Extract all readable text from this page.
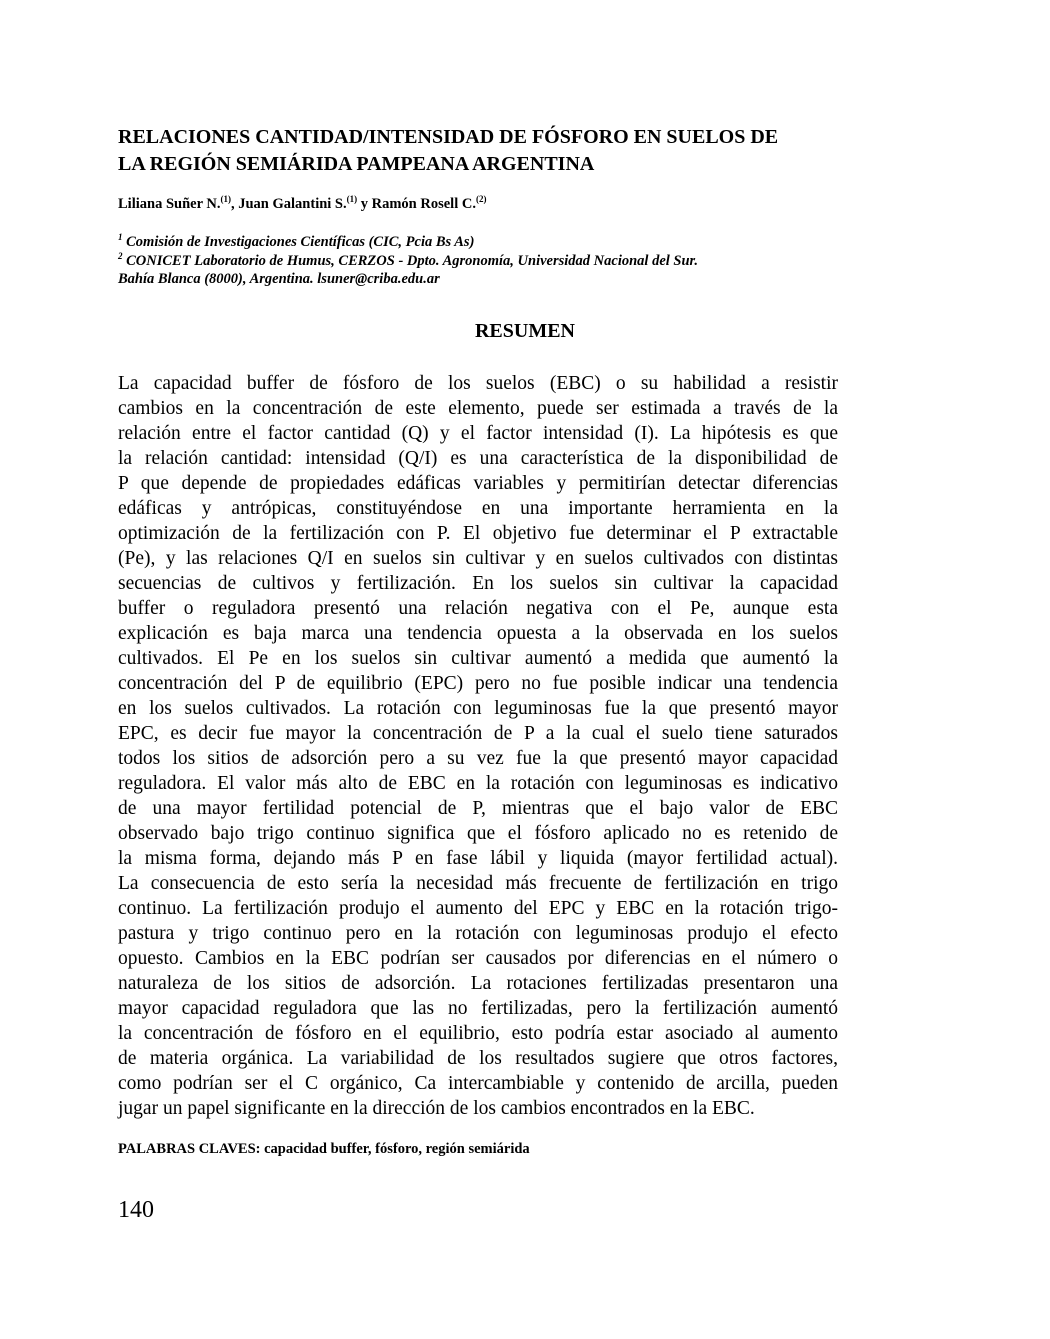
RELACIONES CANTIDAD/INTENSIDAD DE FÓSFORO EN SUELOS DE
LA REGIÓN SEMIÁRIDA PAMPEANA ARGENTINA
Liliana Suñer N.$^{(1)}$, Juan Galantini S.$^{(1)}$ y Ramón Rosell C.$^{(2)}$
$^1$ Comisión de Investigaciones Científicas (CIC, Pcia Bs As)
$^2$ CONICET Laboratorio de Humus, CERZOS - Dpto. Agronomía, Universidad Nacional del Sur.
Bahía Blanca (8000), Argentina. lsuner@criba.edu.ar
RESUMEN
La capacidad buffer de fósforo de los suelos (EBC) o su habilidad a resistir
cambios en la concentración de este elemento, puede ser estimada a través de la
relación entre el factor cantidad (Q) y el factor intensidad (I). La hipótesis es que
la relación cantidad: intensidad (Q/I) es una característica de la disponibilidad de
P que depende de propiedades edáficas variables y permitirían detectar diferencias
edáficas y antrópicas, constituyéndose en una importante herramienta en la
optimización de la fertilización con P. El objetivo fue determinar el P extractable
(Pe), y las relaciones Q/I en suelos sin cultivar y en suelos cultivados con distintas
secuencias de cultivos y fertilización. En los suelos sin cultivar la capacidad
buffer o reguladora presentó una relación negativa con el Pe, aunque esta
explicación es baja marca una tendencia opuesta a la observada en los suelos
cultivados. El Pe en los suelos sin cultivar aumentó a medida que aumentó la
concentración del P de equilibrio (EPC) pero no fue posible indicar una tendencia
en los suelos cultivados. La rotación con leguminosas fue la que presentó mayor
EPC, es decir fue mayor la concentración de P a la cual el suelo tiene saturados
todos los sitios de adsorción pero a su vez fue la que presentó mayor capacidad
reguladora. El valor más alto de EBC en la rotación con leguminosas es indicativo
de una mayor fertilidad potencial de P, mientras que el bajo valor de EBC
observado bajo trigo continuo significa que el fósforo aplicado no es retenido de
la misma forma, dejando más P en fase lábil y liquida (mayor fertilidad actual).
La consecuencia de esto sería la necesidad más frecuente de fertilización en trigo
continuo. La fertilización produjo el aumento del EPC y EBC en la rotación trigo-
pastura y trigo continuo pero en la rotación con leguminosas produjo el efecto
opuesto. Cambios en la EBC podrían ser causados por diferencias en el número o
naturaleza de los sitios de adsorción. La rotaciones fertilizadas presentaron una
mayor capacidad reguladora que las no fertilizadas, pero la fertilización aumentó
la concentración de fósforo en el equilibrio, esto podría estar asociado al aumento
de materia orgánica. La variabilidad de los resultados sugiere que otros factores,
como podrían ser el C orgánico, Ca intercambiable y contenido de arcilla, pueden
jugar un papel significante en la dirección de los cambios encontrados en la EBC.
PALABRAS CLAVES: capacidad buffer, fósforo, región semiárida
140
